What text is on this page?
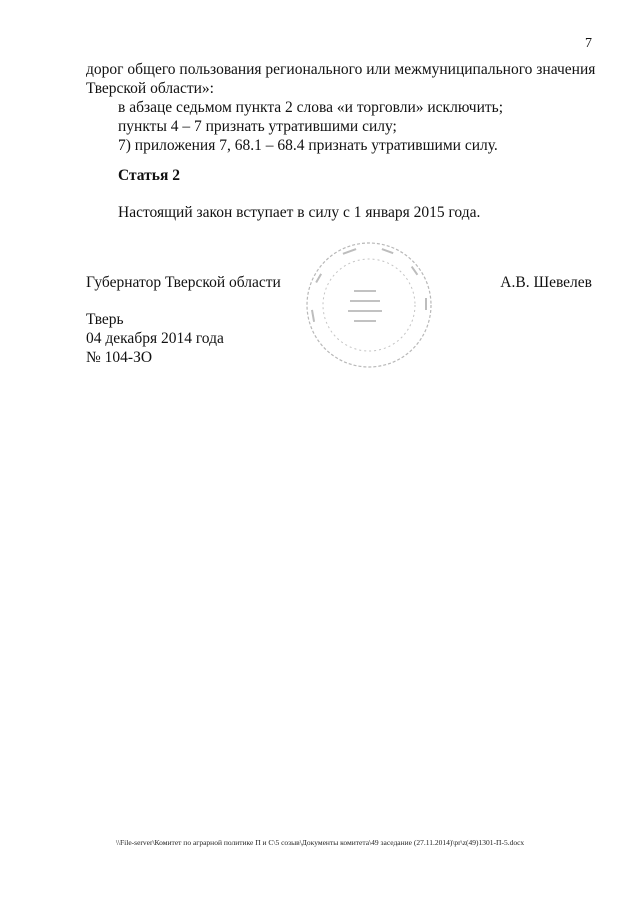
7

дорог общего пользования регионального или межмуниципального значения

Тверской области»:

в абзаце седьмом пункта 2 слова «и торговли» исключить;

пункты 4 – 7 признать утратившими силу;

7) приложения 7, 68.1 – 68.4 признать утратившими силу.

Статья 2
Настоящий закон вступает в силу с 1 января 2015 года.
Губернатор Тверской области	А.В. Шевелев
Тверь
04 декабря 2014 года
№ 104-ЗО
\\File-server\Комитет по аграрной политике П и С\5 созыв\Документы комитета\49 заседание (27.11.2014)\pr\z(49)1301-П-5.docx
